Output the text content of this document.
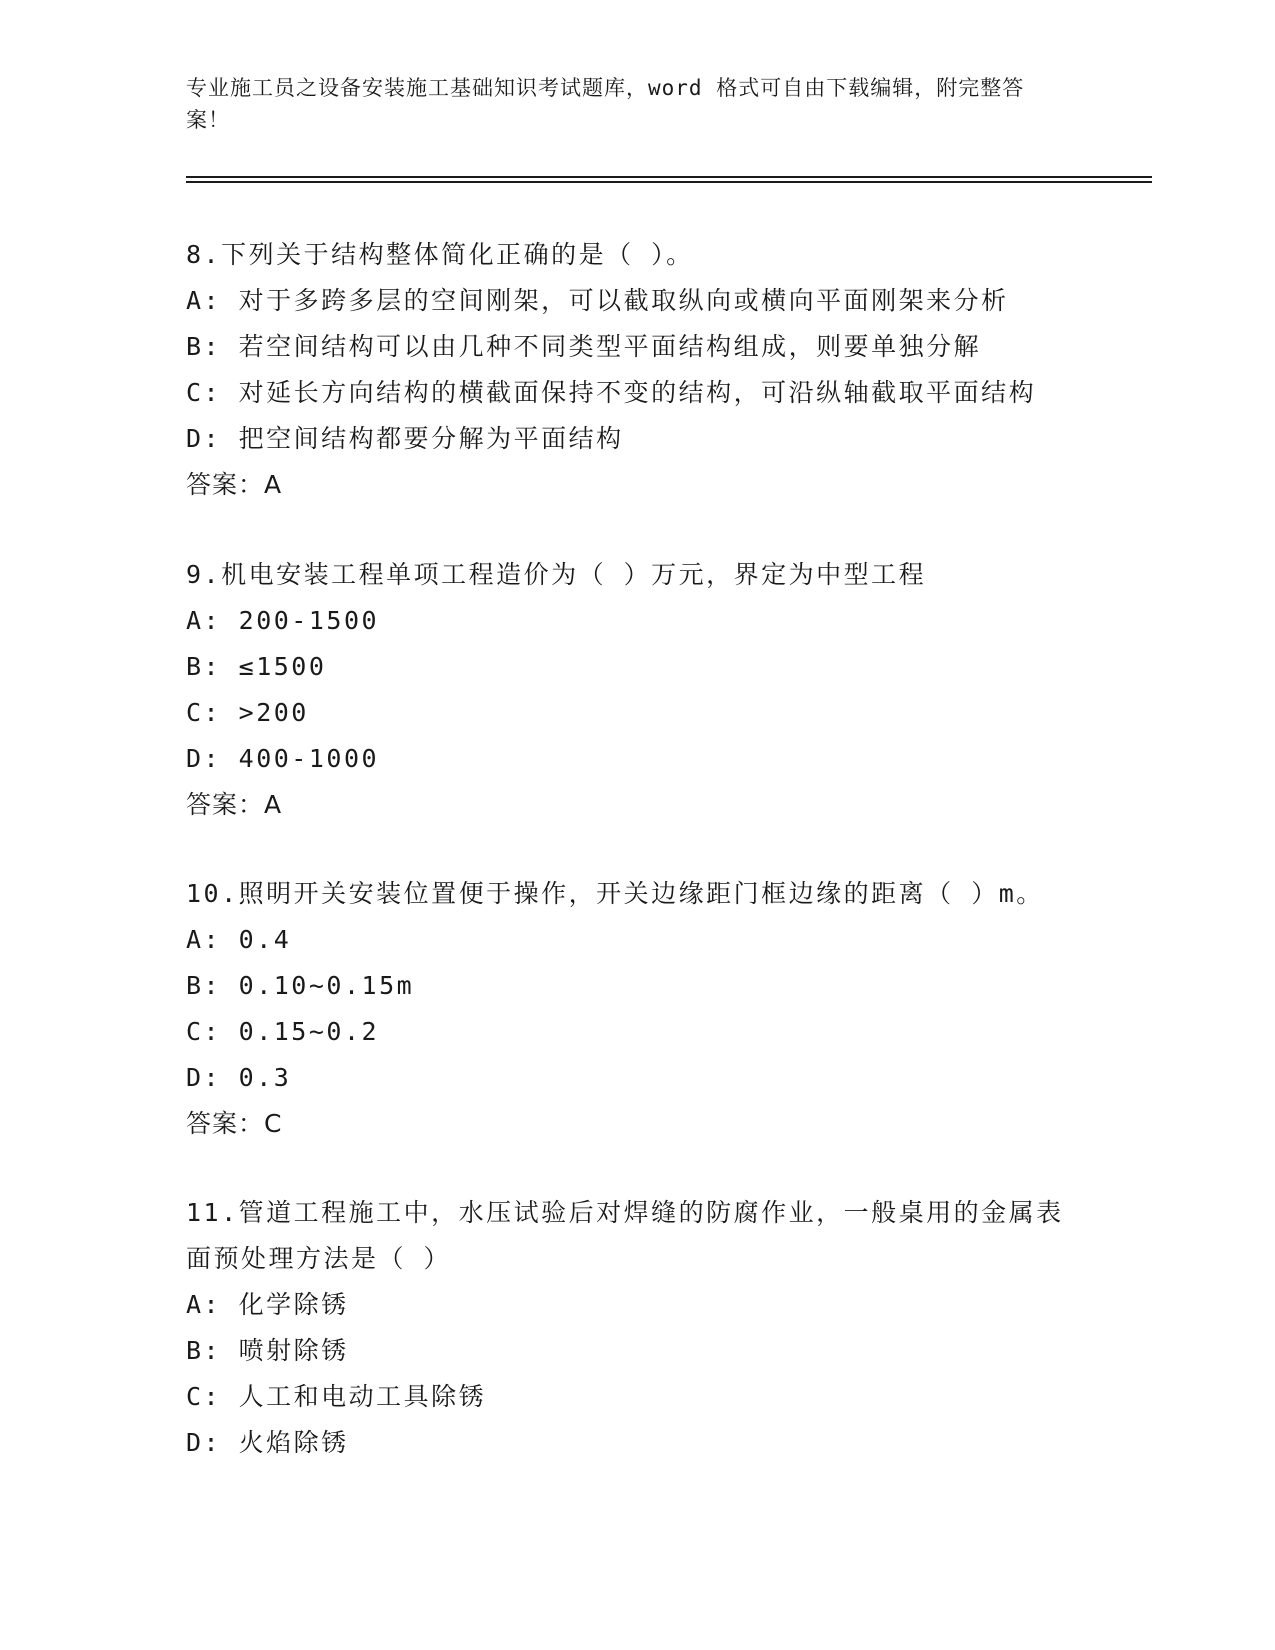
专业施工员之设备安装施工基础知识考试题库，word 格式可自由下载编辑，附完整答案！
8.下列关于结构整体简化正确的是（ ）。
A: 对于多跨多层的空间刚架，可以截取纵向或横向平面刚架来分析
B: 若空间结构可以由几种不同类型平面结构组成，则要单独分解
C: 对延长方向结构的横截面保持不变的结构，可沿纵轴截取平面结构
D: 把空间结构都要分解为平面结构
答案：A
9.机电安装工程单项工程造价为（ ）万元，界定为中型工程
A: 200-1500
B: ≤1500
C: >200
D: 400-1000
答案：A
10.照明开关安装位置便于操作，开关边缘距门框边缘的距离（ ）m。
A: 0.4
B: 0.10~0.15m
C: 0.15~0.2
D: 0.3
答案：C
11.管道工程施工中，水压试验后对焊缝的防腐作业，一般桌用的金属表面预处理方法是（ ）
A: 化学除锈
B: 喷射除锈
C: 人工和电动工具除锈
D: 火焰除锈
